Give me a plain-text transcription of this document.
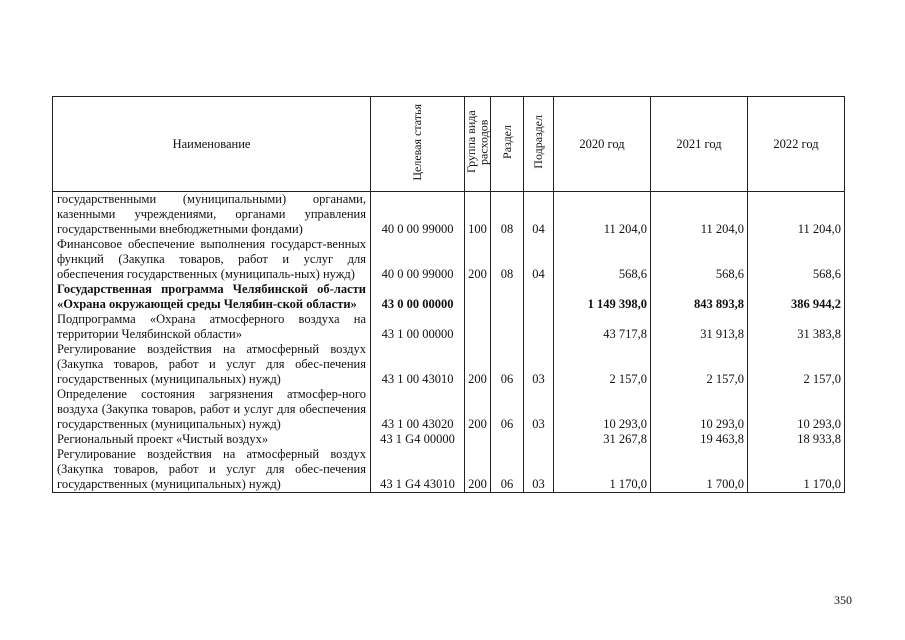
Наименование	Целевая статья	Группа вида расходов	Раздел	Подраздел	2020 год	2021 год	2022 год
государственными (муниципальными) органами, казенными учреждениями, органами управления государственными внебюджетными фондами)	40 0 00 99000	100	08	04	11 204,0	11 204,0	11 204,0
Финансовое обеспечение выполнения государст-венных функций (Закупка товаров, работ и услуг для обеспечения государственных (муниципаль-ных) нужд)	40 0 00 99000	200	08	04	568,6	568,6	568,6
Государственная программа Челябинской об-ласти «Охрана окружающей среды Челябин-ской области»	43 0 00 00000				1 149 398,0	843 893,8	386 944,2
Подпрограмма «Охрана атмосферного воздуха на территории Челябинской области»	43 1 00 00000				43 717,8	31 913,8	31 383,8
Регулирование воздействия на атмосферный воздух (Закупка товаров, работ и услуг для обес-печения государственных (муниципальных) нужд)	43 1 00 43010	200	06	03	2 157,0	2 157,0	2 157,0
Определение состояния загрязнения атмосфер-ного воздуха (Закупка товаров, работ и услуг для обеспечения государственных (муниципальных) нужд)	43 1 00 43020	200	06	03	10 293,0	10 293,0	10 293,0
Региональный проект «Чистый воздух»	43 1 G4 00000				31 267,8	19 463,8	18 933,8
Регулирование воздействия на атмосферный воздух (Закупка товаров, работ и услуг для обес-печения государственных (муниципальных) нужд)	43 1 G4 43010	200	06	03	1 170,0	1 700,0	1 170,0
350
